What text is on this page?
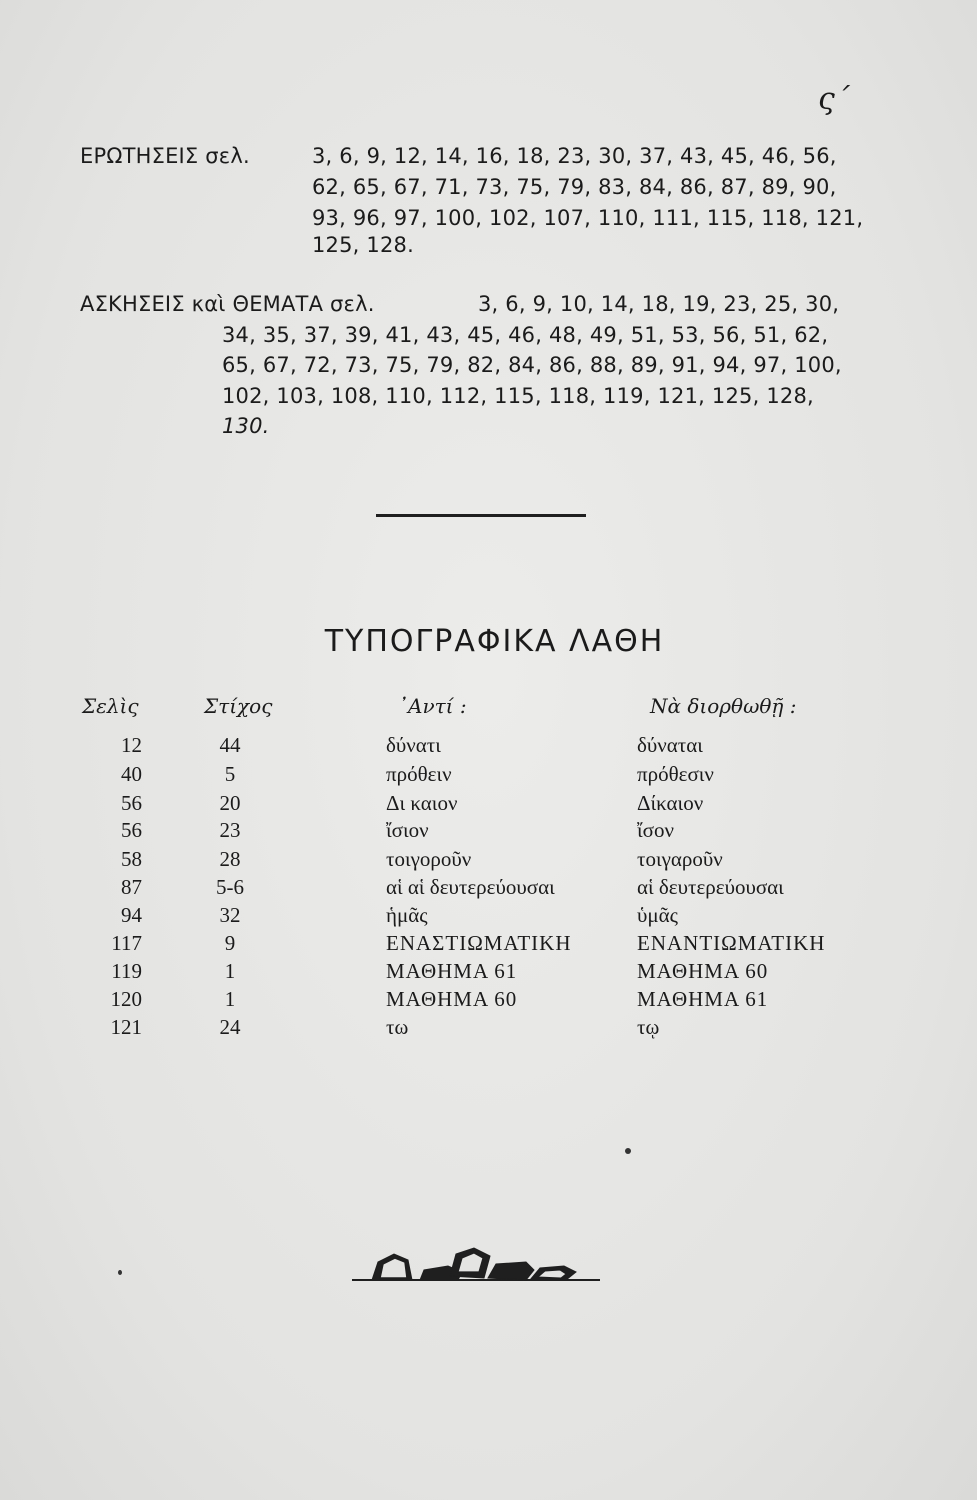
ς΄
ΕΡΩΤΗΣΕΙΣ σελ.	3, 6, 9, 12, 14, 16, 18, 23, 30, 37, 43, 45, 46, 56,
62, 65, 67, 71, 73, 75, 79, 83, 84, 86, 87, 89, 90,
93, 96, 97, 100, 102, 107, 110, 111, 115, 118, 121,
125, 128.
ΑΣΚΗΣΕΙΣ καὶ ΘΕΜΑΤΑ σελ.	3, 6, 9, 10, 14, 18, 19, 23, 25, 30,
34, 35, 37, 39, 41, 43, 45, 46, 48, 49, 51, 53, 56, 51, 62,
65, 67, 72, 73, 75, 79, 82, 84, 86, 88, 89, 91, 94, 97, 100,
102, 103, 108, 110, 112, 115, 118, 119, 121, 125, 128,
130.
ΤΥΠΟΓΡΑΦΙΚΑ ΛΑΘΗ
Σελὶς	Στίχος	᾿Αντί :	Νὰ διορθωθῇ :
12	44	δύνατι	δύναται
40	5	πρόθειν	πρόθεσιν
56	20	Δι καιον	Δίκαιον
56	23	ἴσιον	ἴσον
58	28	τοιγοροῦν	τοιγαροῦν
87	5-6	αἱ αἱ δευτερεύουσαι	αἱ δευτερεύουσαι
94	32	ἡμᾶς	ὑμᾶς
117	9	ΕΝΑΣΤΙΩΜΑΤΙΚΗ	ΕΝΑΝΤΙΩΜΑΤΙΚΗ
119	1	ΜΑΘΗΜΑ 61	ΜΑΘΗΜΑ 60
120	1	ΜΑΘΗΜΑ 60	ΜΑΘΗΜΑ 61
121	24	τω	τῳ
